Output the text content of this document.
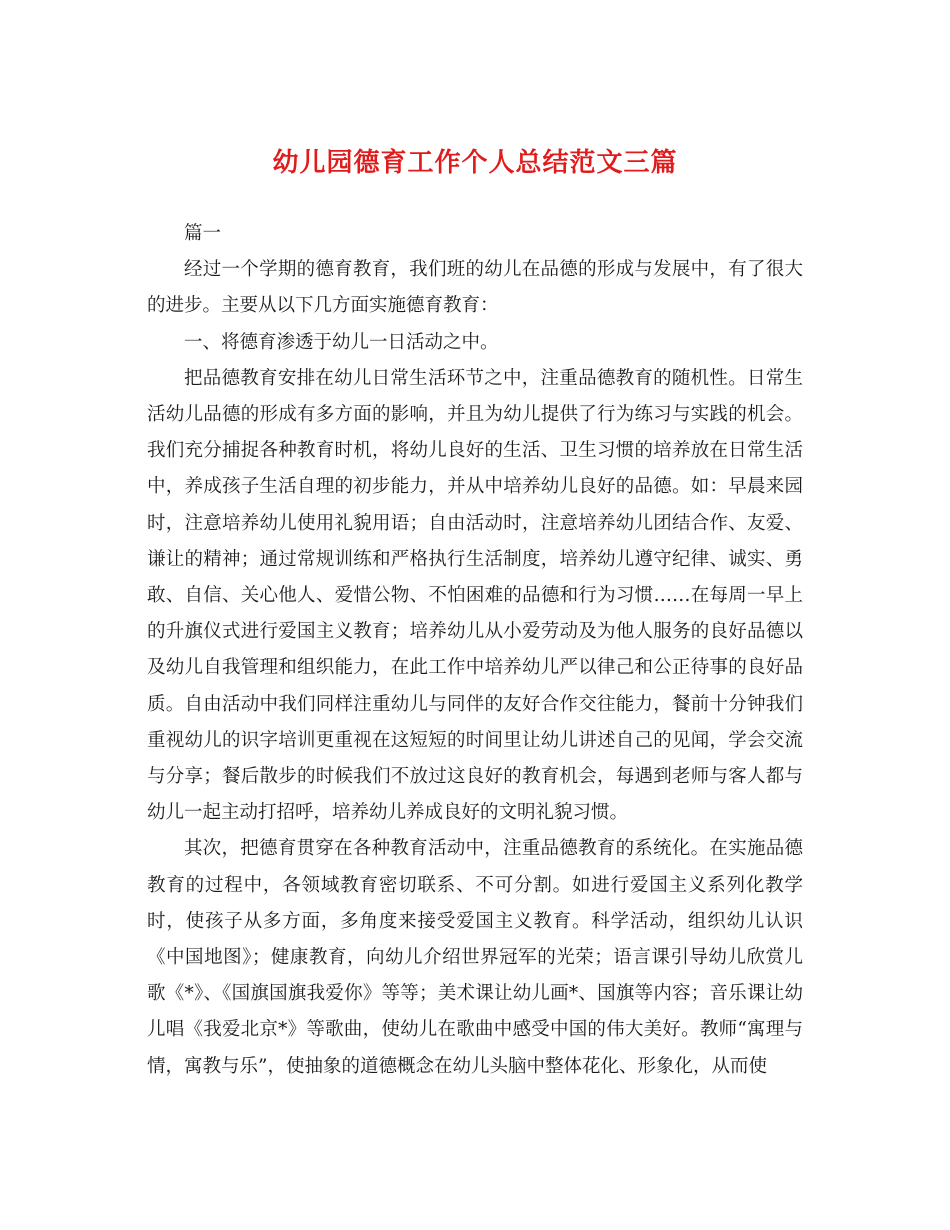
幼儿园德育工作个人总结范文三篇

篇一

经过一个学期的德育教育，我们班的幼儿在品德的形成与发展中，有了很大的进步。主要从以下几方面实施德育教育：

一、将德育渗透于幼儿一日活动之中。

把品德教育安排在幼儿日常生活环节之中，注重品德教育的随机性。日常生活幼儿品德的形成有多方面的影响，并且为幼儿提供了行为练习与实践的机会。我们充分捕捉各种教育时机，将幼儿良好的生活、卫生习惯的培养放在日常生活中，养成孩子生活自理的初步能力，并从中培养幼儿良好的品德。如：早晨来园时，注意培养幼儿使用礼貌用语；自由活动时，注意培养幼儿团结合作、友爱、谦让的精神；通过常规训练和严格执行生活制度，培养幼儿遵守纪律、诚实、勇敢、自信、关心他人、爱惜公物、不怕困难的品德和行为习惯……在每周一早上的升旗仪式进行爱国主义教育；培养幼儿从小爱劳动及为他人服务的良好品德以及幼儿自我管理和组织能力，在此工作中培养幼儿严以律己和公正待事的良好品质。自由活动中我们同样注重幼儿与同伴的友好合作交往能力，餐前十分钟我们重视幼儿的识字培训更重视在这短短的时间里让幼儿讲述自己的见闻，学会交流与分享；餐后散步的时候我们不放过这良好的教育机会，每遇到老师与客人都与幼儿一起主动打招呼，培养幼儿养成良好的文明礼貌习惯。

其次，把德育贯穿在各种教育活动中，注重品德教育的系统化。在实施品德教育的过程中，各领域教育密切联系、不可分割。如进行爱国主义系列化教学时，使孩子从多方面，多角度来接受爱国主义教育。科学活动，组织幼儿认识《中国地图》；健康教育，向幼儿介绍世界冠军的光荣；语言课引导幼儿欣赏儿歌《*》、《国旗国旗我爱你》等等；美术课让幼儿画*、国旗等内容；音乐课让幼儿唱《我爱北京*》等歌曲，使幼儿在歌曲中感受中国的伟大美好。教师“寓理与情，寓教与乐”，使抽象的道德概念在幼儿头脑中整体花化、形象化，从而使
